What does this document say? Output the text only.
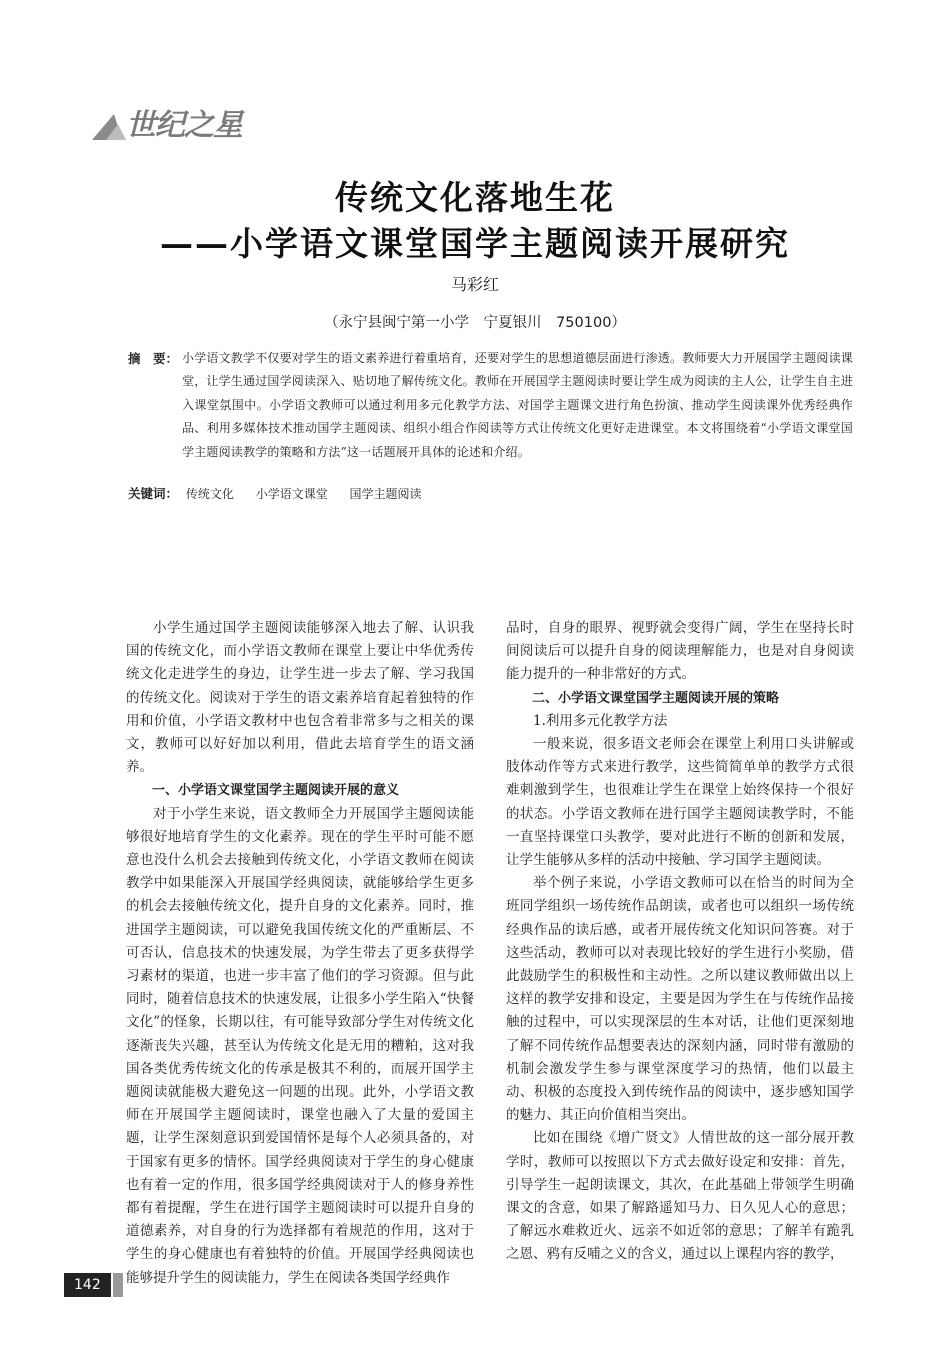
世纪之星
传统文化落地生花
——小学语文课堂国学主题阅读开展研究
马彩红
（永宁县闽宁第一小学　宁夏银川　750100）
摘　要： 小学语文教学不仅要对学生的语文素养进行着重培育，还要对学生的思想道德层面进行渗透。教师要大力开展国学主题阅读课堂，让学生通过国学阅读深入、贴切地了解传统文化。教师在开展国学主题阅读时要让学生成为阅读的主人公，让学生自主进入课堂氛围中。小学语文教师可以通过利用多元化教学方法、对国学主题课文进行角色扮演、推动学生阅读课外优秀经典作品、利用多媒体技术推动国学主题阅读、组织小组合作阅读等方式让传统文化更好走进课堂。本文将围绕着“小学语文课堂国学主题阅读教学的策略和方法”这一话题展开具体的论述和介绍。
关键词： 传统文化 小学语文课堂 国学主题阅读

小学生通过国学主题阅读能够深入地去了解、认识我国的传统文化，而小学语文教师在课堂上要让中华优秀传统文化走进学生的身边，让学生进一步去了解、学习我国的传统文化。阅读对于学生的语文素养培育起着独特的作用和价值，小学语文教材中也包含着非常多与之相关的课文，教师可以好好加以利用，借此去培育学生的语文涵养。

一、小学语文课堂国学主题阅读开展的意义

对于小学生来说，语文教师全力开展国学主题阅读能够很好地培育学生的文化素养。现在的学生平时可能不愿意也没什么机会去接触到传统文化，小学语文教师在阅读教学中如果能深入开展国学经典阅读，就能够给学生更多的机会去接触传统文化，提升自身的文化素养。同时，推进国学主题阅读，可以避免我国传统文化的严重断层、不可否认，信息技术的快速发展，为学生带去了更多获得学习素材的渠道，也进一步丰富了他们的学习资源。但与此同时，随着信息技术的快速发展，让很多小学生陷入“快餐文化”的怪象，长期以往，有可能导致部分学生对传统文化逐渐丧失兴趣，甚至认为传统文化是无用的糟粕，这对我国各类优秀传统文化的传承是极其不利的，而展开国学主题阅读就能极大避免这一问题的出现。此外，小学语文教师在开展国学主题阅读时，课堂也融入了大量的爱国主题，让学生深刻意识到爱国情怀是每个人必须具备的，对于国家有更多的情怀。国学经典阅读对于学生的身心健康也有着一定的作用，很多国学经典阅读对于人的修身养性都有着提醒，学生在进行国学主题阅读时可以提升自身的道德素养，对自身的行为选择都有着规范的作用，这对于学生的身心健康也有着独特的价值。开展国学经典阅读也能够提升学生的阅读能力，学生在阅读各类国学经典作

品时，自身的眼界、视野就会变得广阔，学生在坚持长时间阅读后可以提升自身的阅读理解能力，也是对自身阅读能力提升的一种非常好的方式。

二、小学语文课堂国学主题阅读开展的策略
1.利用多元化教学方法

一般来说，很多语文老师会在课堂上利用口头讲解或肢体动作等方式来进行教学，这些简简单单的教学方式很难刺激到学生，也很难让学生在课堂上始终保持一个很好的状态。小学语文教师在进行国学主题阅读教学时，不能一直坚持课堂口头教学，要对此进行不断的创新和发展，让学生能够从多样的活动中接触、学习国学主题阅读。

举个例子来说，小学语文教师可以在恰当的时间为全班同学组织一场传统作品朗读，或者也可以组织一场传统经典作品的读后感，或者开展传统文化知识问答赛。对于这些活动，教师可以对表现比较好的学生进行小奖励，借此鼓励学生的积极性和主动性。之所以建议教师做出以上这样的教学安排和设定，主要是因为学生在与传统作品接触的过程中，可以实现深层的生本对话，让他们更深刻地了解不同传统作品想要表达的深刻内涵，同时带有激励的机制会激发学生参与课堂深度学习的热情，他们以最主动、积极的态度投入到传统作品的阅读中，逐步感知国学的魅力、其正向价值相当突出。

比如在围绕《增广贤文》人情世故的这一部分展开教学时，教师可以按照以下方式去做好设定和安排：首先，引导学生一起朗读课文，其次，在此基础上带领学生明确课文的含意，如果了解路遥知马力、日久见人心的意思；了解远水难救近火、远亲不如近邻的意思；了解羊有跪乳之恩、鸦有反哺之义的含义，通过以上课程内容的教学，

142
